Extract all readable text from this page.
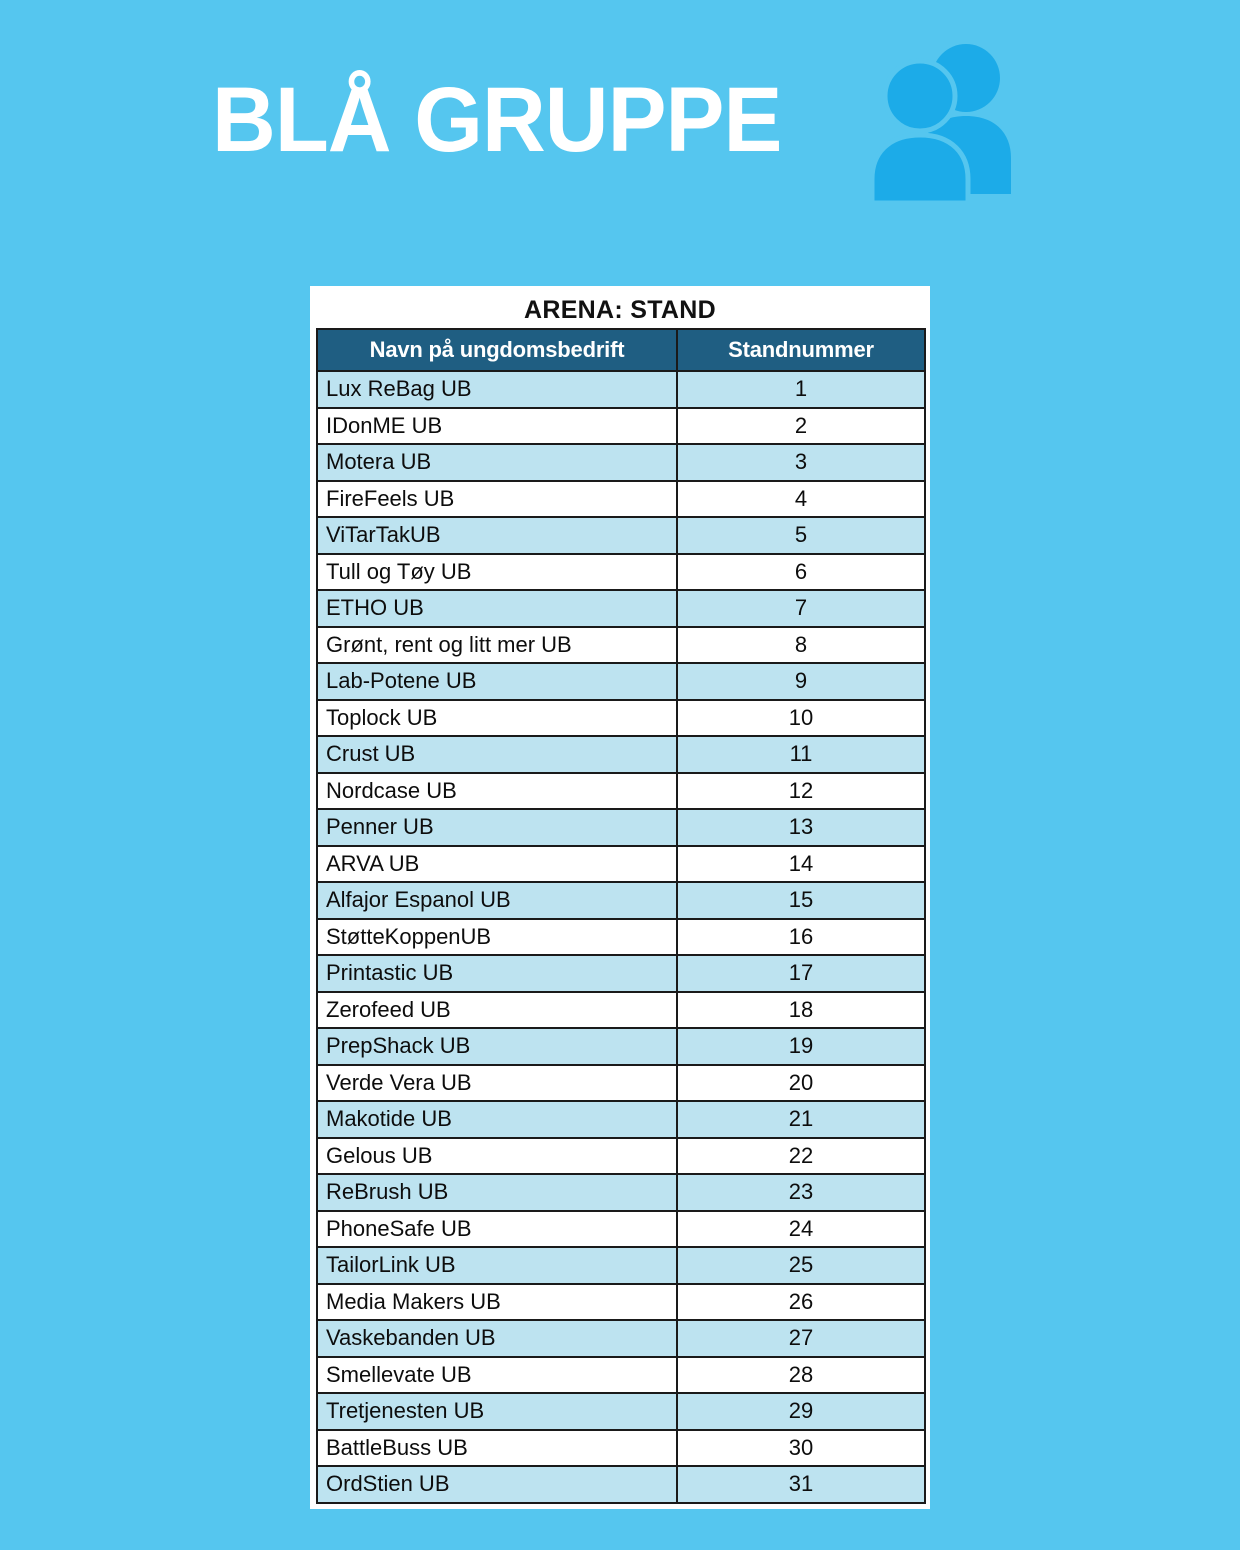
BLÅ GRUPPE
ARENA: STAND
Navn på ungdomsbedrift	Standnummer
Lux ReBag UB	1
IDonME UB	2
Motera UB	3
FireFeels UB	4
ViTarTakUB	5
Tull og Tøy UB	6
ETHO UB	7
Grønt, rent og litt mer UB	8
Lab-Potene UB	9
Toplock UB	10
Crust UB	11
Nordcase UB	12
Penner UB	13
ARVA UB	14
Alfajor Espanol UB	15
StøtteKoppenUB	16
Printastic UB	17
Zerofeed UB	18
PrepShack UB	19
Verde Vera UB	20
Makotide UB	21
Gelous UB	22
ReBrush UB	23
PhoneSafe UB	24
TailorLink UB	25
Media Makers UB	26
Vaskebanden UB	27
Smellevate UB	28
Tretjenesten UB	29
BattleBuss UB	30
OrdStien UB	31
